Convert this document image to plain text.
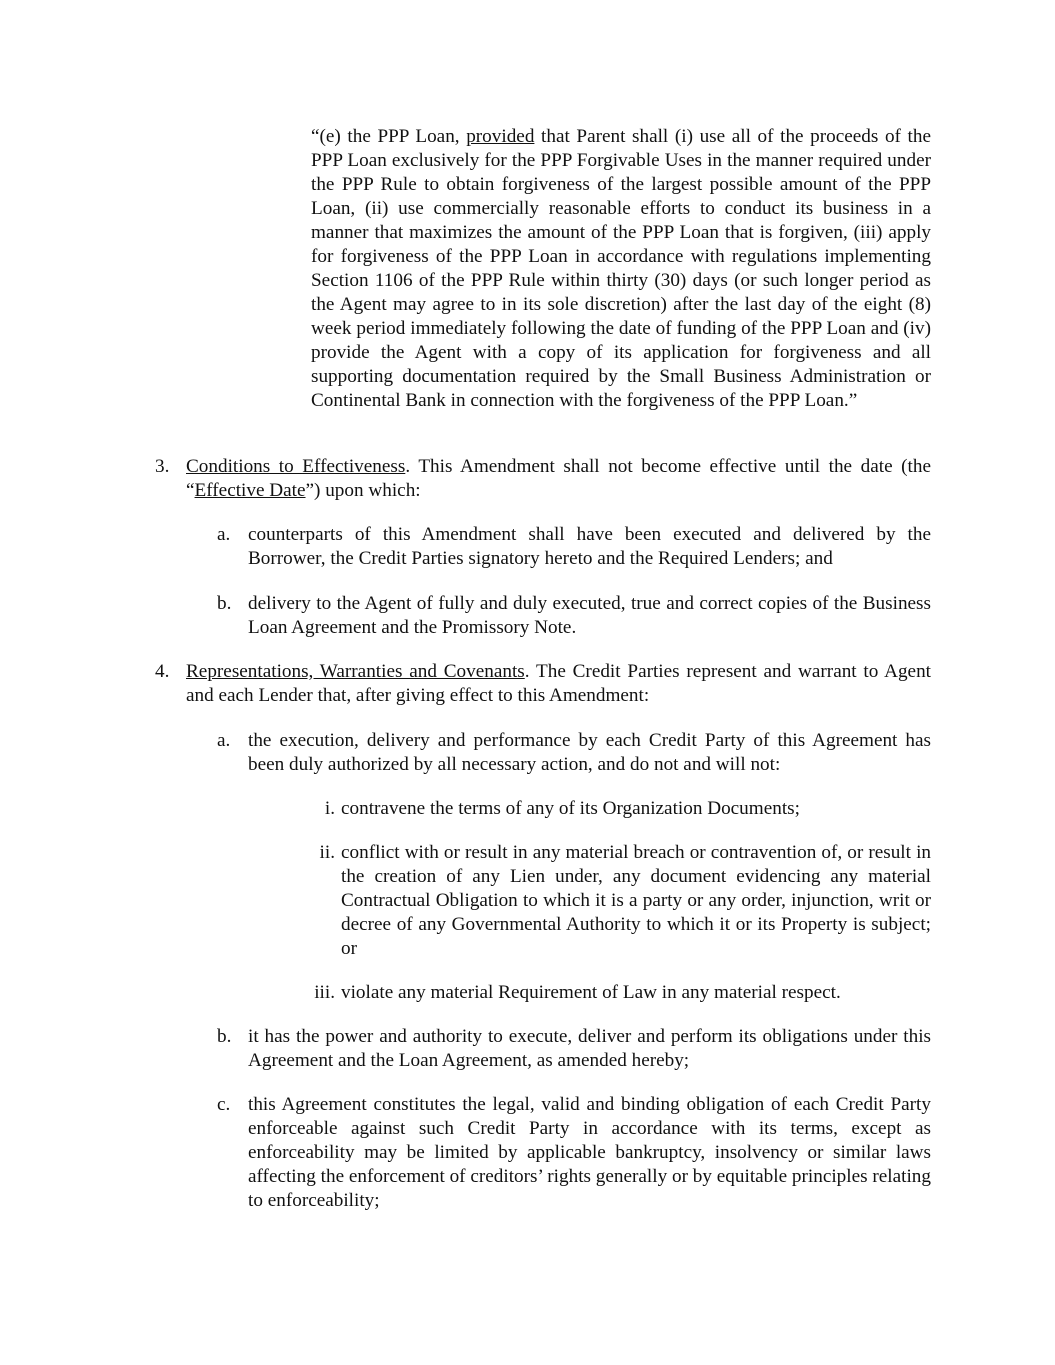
“(e) the PPP Loan, provided that Parent shall (i) use all of the proceeds of the PPP Loan exclusively for the PPP Forgivable Uses in the manner required under the PPP Rule to obtain forgiveness of the largest possible amount of the PPP Loan, (ii) use commercially reasonable efforts to conduct its business in a manner that maximizes the amount of the PPP Loan that is forgiven, (iii) apply for forgiveness of the PPP Loan in accordance with regulations implementing Section 1106 of the PPP Rule within thirty (30) days (or such longer period as the Agent may agree to in its sole discretion) after the last day of the eight (8) week period immediately following the date of funding of the PPP Loan and (iv) provide the Agent with a copy of its application for forgiveness and all supporting documentation required by the Small Business Administration or Continental Bank in connection with the forgiveness of the PPP Loan.”

3. Conditions to Effectiveness. This Amendment shall not become effective until the date (the “Effective Date”) upon which:

a. counterparts of this Amendment shall have been executed and delivered by the Borrower, the Credit Parties signatory hereto and the Required Lenders; and

b. delivery to the Agent of fully and duly executed, true and correct copies of the Business Loan Agreement and the Promissory Note.

4. Representations, Warranties and Covenants. The Credit Parties represent and warrant to Agent and each Lender that, after giving effect to this Amendment:

a. the execution, delivery and performance by each Credit Party of this Agreement has been duly authorized by all necessary action, and do not and will not:

i. contravene the terms of any of its Organization Documents;

ii. conflict with or result in any material breach or contravention of, or result in the creation of any Lien under, any document evidencing any material Contractual Obligation to which it is a party or any order, injunction, writ or decree of any Governmental Authority to which it or its Property is subject; or

iii. violate any material Requirement of Law in any material respect.

b. it has the power and authority to execute, deliver and perform its obligations under this Agreement and the Loan Agreement, as amended hereby;

c. this Agreement constitutes the legal, valid and binding obligation of each Credit Party enforceable against such Credit Party in accordance with its terms, except as enforceability may be limited by applicable bankruptcy, insolvency or similar laws affecting the enforcement of creditors’ rights generally or by equitable principles relating to enforceability;
